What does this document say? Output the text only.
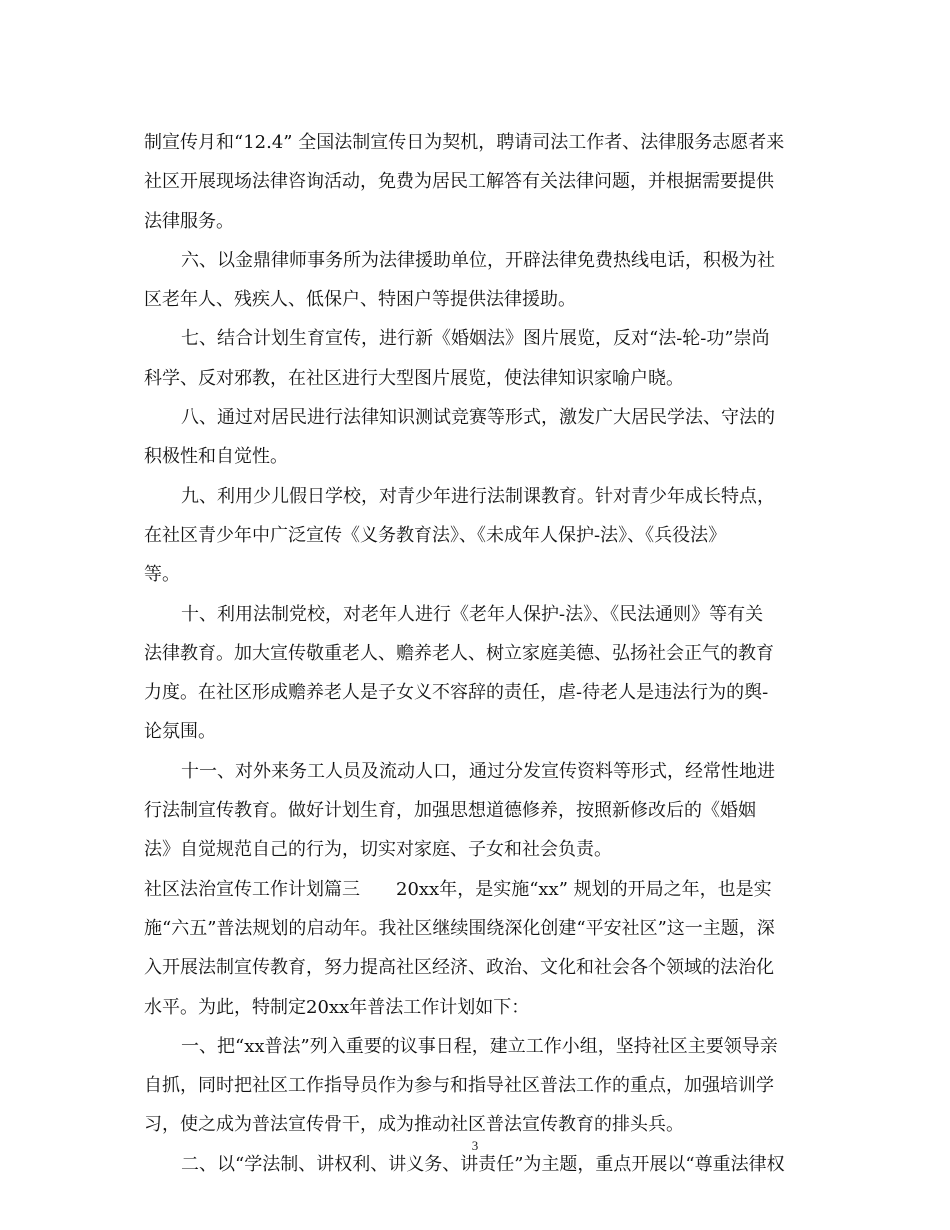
制宣传月和“12.4” 全国法制宣传日为契机，聘请司法工作者、法律服务志愿者来
社区开展现场法律咨询活动，免费为居民工解答有关法律问题，并根据需要提供
法律服务。
六、以金鼎律师事务所为法律援助单位，开辟法律免费热线电话，积极为社
区老年人、残疾人、低保户、特困户等提供法律援助。
七、结合计划生育宣传，进行新《婚姻法》图片展览，反对“法-轮-功”崇尚
科学、反对邪教，在社区进行大型图片展览，使法律知识家喻户晓。
八、通过对居民进行法律知识测试竞赛等形式，激发广大居民学法、守法的
积极性和自觉性。
九、利用少儿假日学校，对青少年进行法制课教育。针对青少年成长特点，
在社区青少年中广泛宣传《义务教育法》、《未成年人保护-法》、《兵役法》
等。
十、利用法制党校，对老年人进行《老年人保护-法》、《民法通则》等有关
法律教育。加大宣传敬重老人、赡养老人、树立家庭美德、弘扬社会正气的教育
力度。在社区形成赡养老人是子女义不容辞的责任，虐-待老人是违法行为的舆-
论氛围。
十一、对外来务工人员及流动人口，通过分发宣传资料等形式，经常性地进
行法制宣传教育。做好计划生育，加强思想道德修养，按照新修改后的《婚姻
法》自觉规范自己的行为，切实对家庭、子女和社会负责。
社区法治宣传工作计划篇三　　20xx年，是实施“xx” 规划的开局之年，也是实
施“六五”普法规划的启动年。我社区继续围绕深化创建“平安社区”这一主题，深
入开展法制宣传教育，努力提高社区经济、政治、文化和社会各个领域的法治化
水平。为此，特制定20xx年普法工作计划如下：
一、把“xx普法”列入重要的议事日程，建立工作小组，坚持社区主要领导亲
自抓，同时把社区工作指导员作为参与和指导社区普法工作的重点，加强培训学
习，使之成为普法宣传骨干，成为推动社区普法宣传教育的排头兵。
二、以“学法制、讲权利、讲义务、讲责任”为主题，重点开展以“尊重法律权
3
